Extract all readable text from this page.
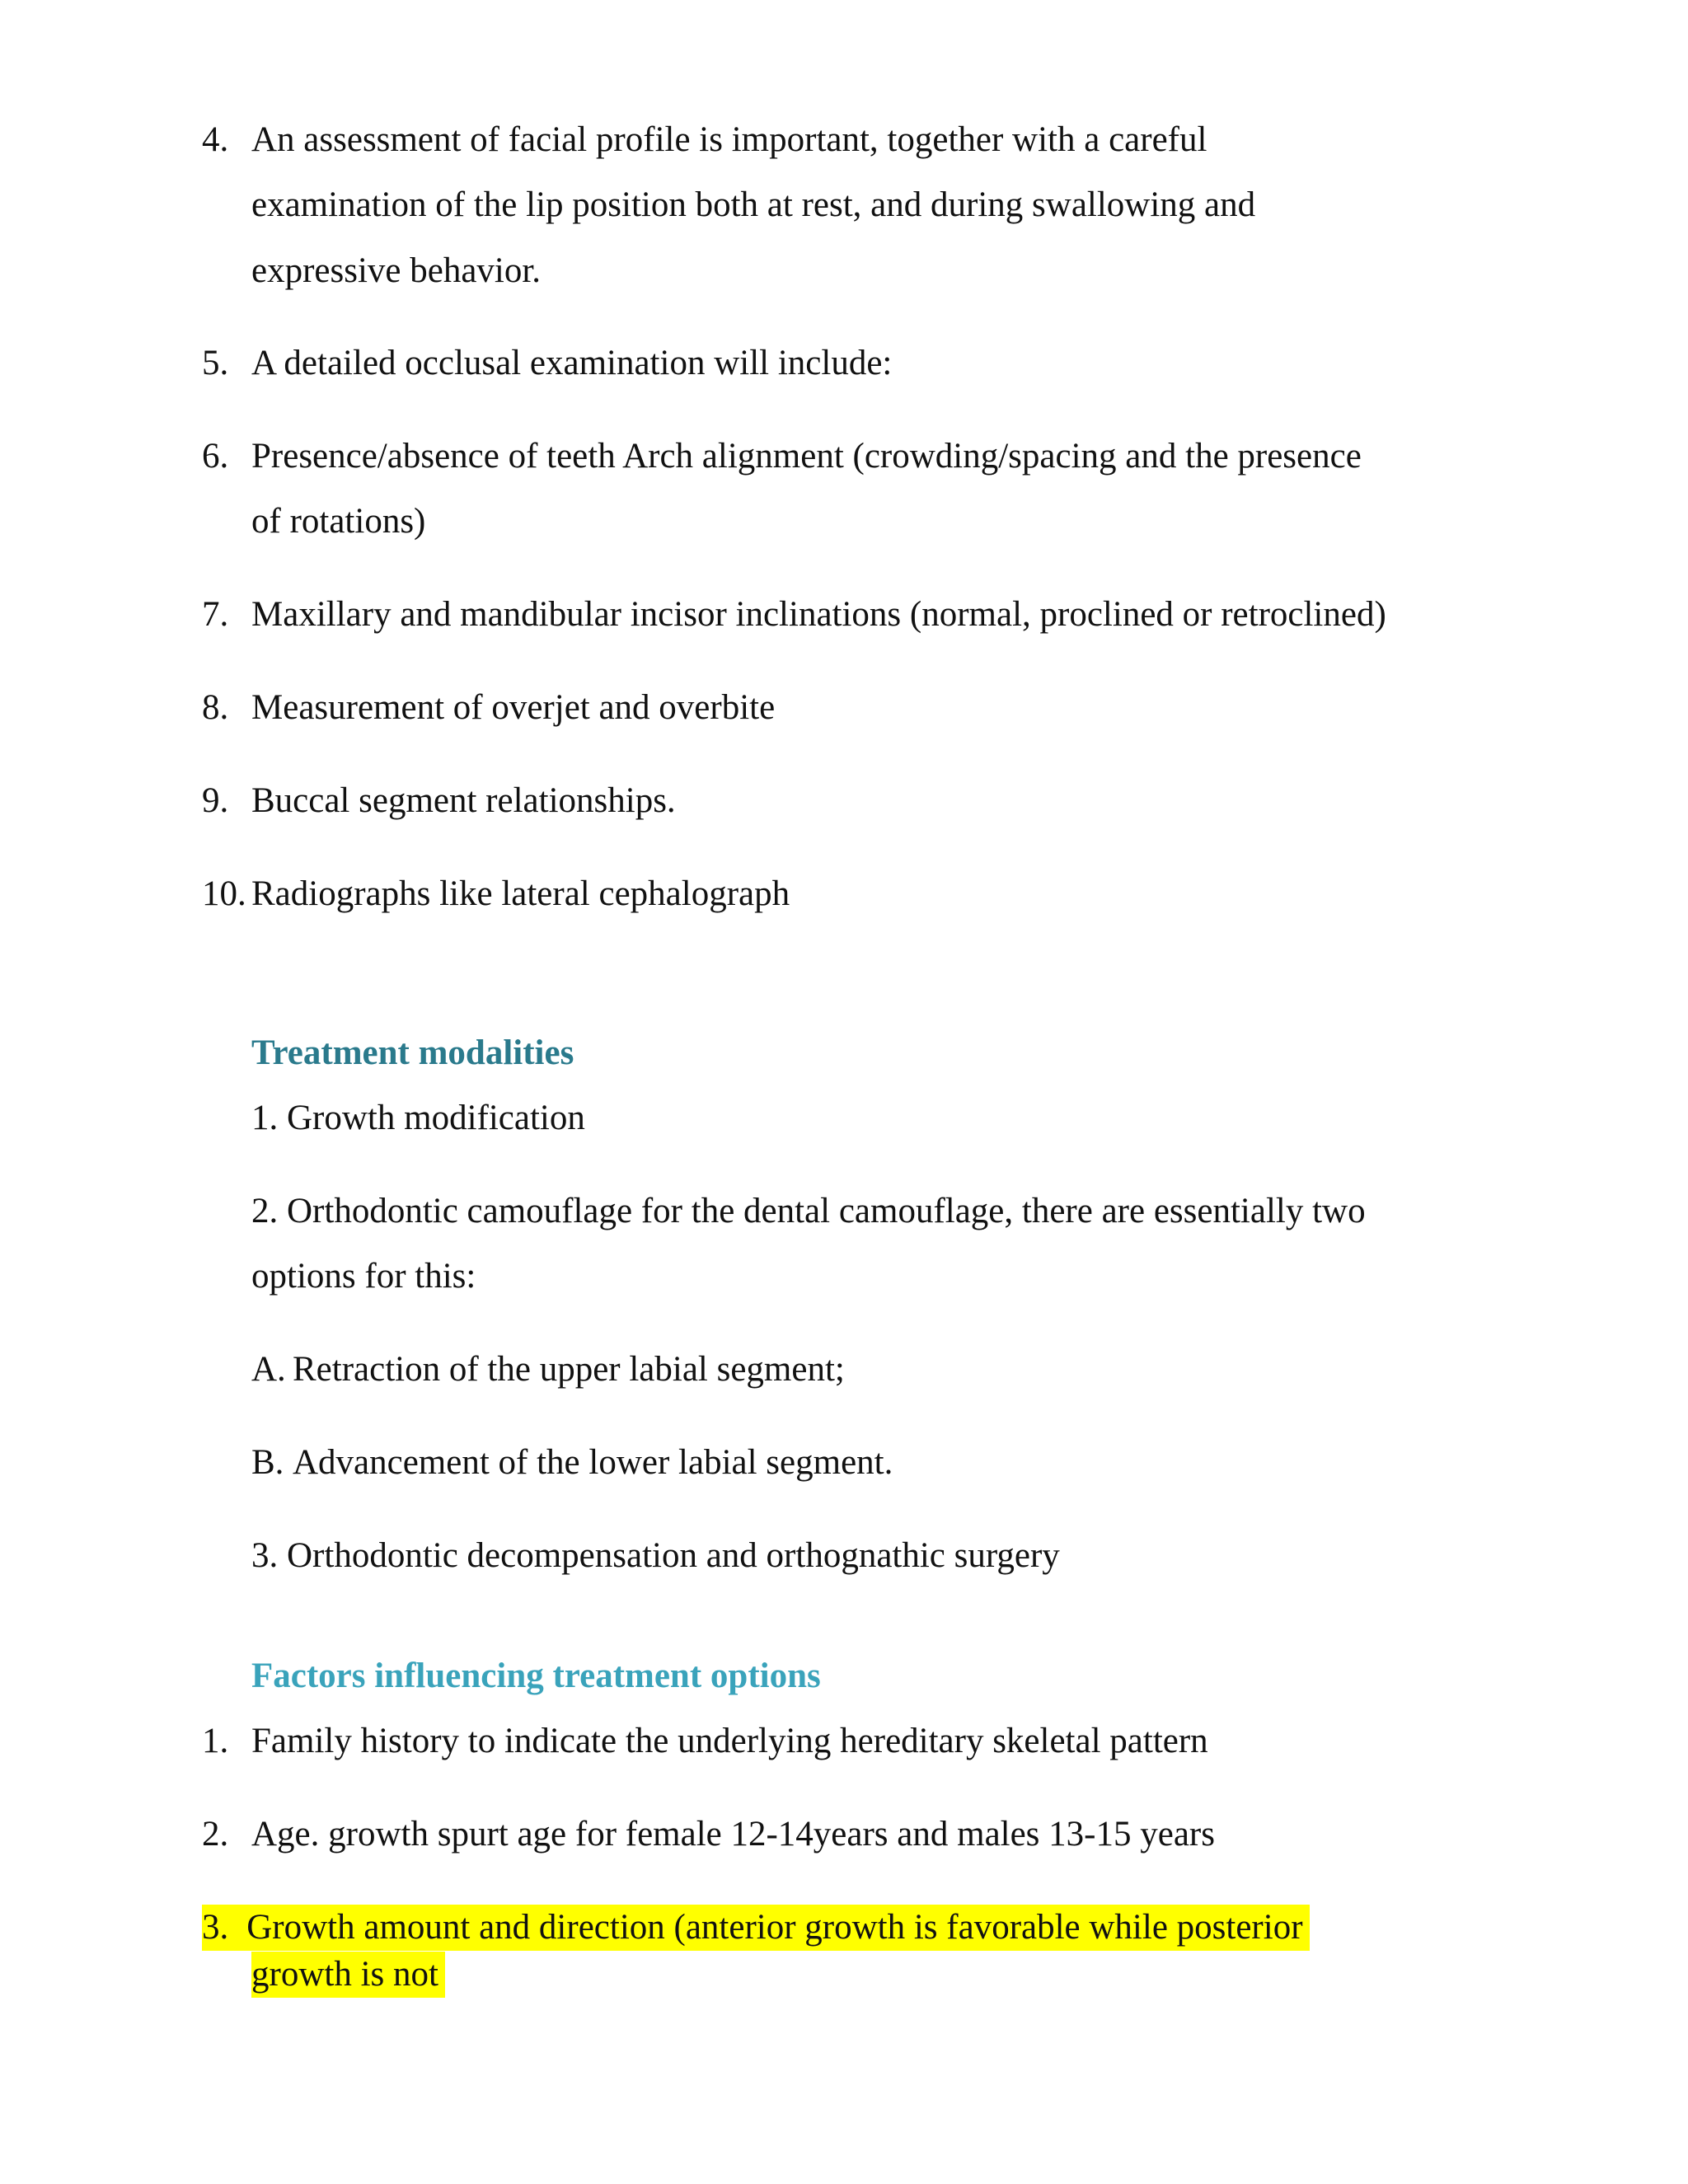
4. An assessment of facial profile is important, together with a careful
examination of the lip position both at rest, and during swallowing and
expressive behavior.
5. A detailed occlusal examination will include:
6. Presence/absence of teeth Arch alignment (crowding/spacing and the presence
of rotations)
7. Maxillary and mandibular incisor inclinations (normal, proclined or retroclined)
8. Measurement of overjet and overbite
9. Buccal segment relationships.
10. Radiographs like lateral cephalograph
Treatment modalities
1. Growth modification
2. Orthodontic camouflage for the dental camouflage, there are essentially two
options for this:
A. Retraction of the upper labial segment;
B. Advancement of the lower labial segment.
3. Orthodontic decompensation and orthognathic surgery
Factors influencing treatment options
1. Family history to indicate the underlying hereditary skeletal pattern
2. Age. growth spurt age for female 12-14years and males 13-15 years
3. Growth amount and direction (anterior growth is favorable while posterior
growth is not
